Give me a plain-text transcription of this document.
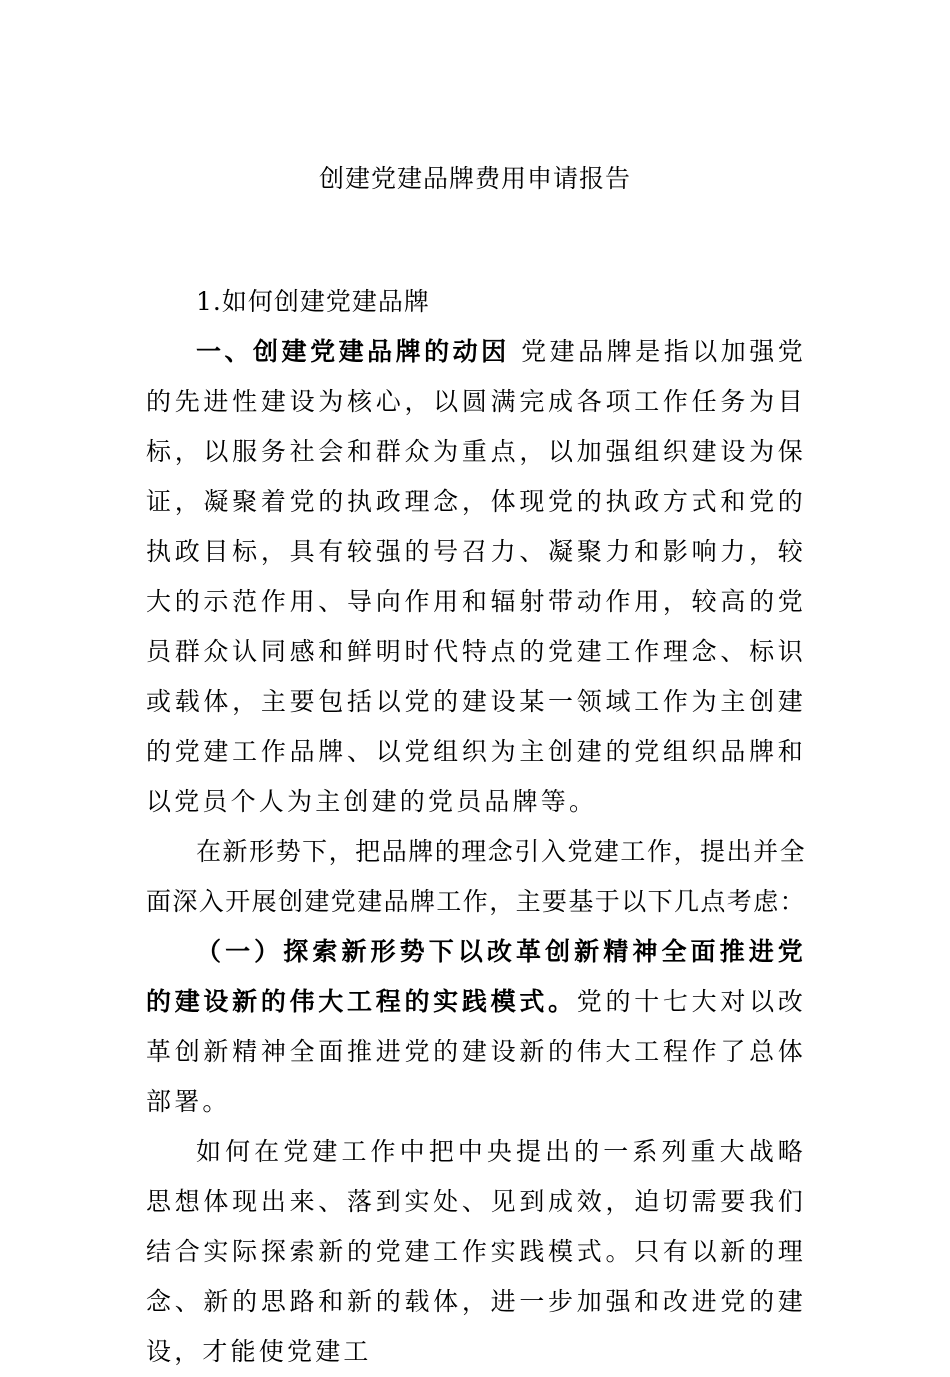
创建党建品牌费用申请报告

1.如何创建党建品牌

一、创建党建品牌的动因 党建品牌是指以加强党的先进性建设为核心，以圆满完成各项工作任务为目标，以服务社会和群众为重点，以加强组织建设为保证，凝聚着党的执政理念，体现党的执政方式和党的执政目标，具有较强的号召力、凝聚力和影响力，较大的示范作用、导向作用和辐射带动作用，较高的党员群众认同感和鲜明时代特点的党建工作理念、标识或载体，主要包括以党的建设某一领域工作为主创建的党建工作品牌、以党组织为主创建的党组织品牌和以党员个人为主创建的党员品牌等。

在新形势下，把品牌的理念引入党建工作，提出并全面深入开展创建党建品牌工作，主要基于以下几点考虑：

（一）探索新形势下以改革创新精神全面推进党的建设新的伟大工程的实践模式。党的十七大对以改革创新精神全面推进党的建设新的伟大工程作了总体部署。

如何在党建工作中把中央提出的一系列重大战略思想体现出来、落到实处、见到成效，迫切需要我们结合实际探索新的党建工作实践模式。只有以新的理念、新的思路和新的载体，进一步加强和改进党的建设，才能使党建工
